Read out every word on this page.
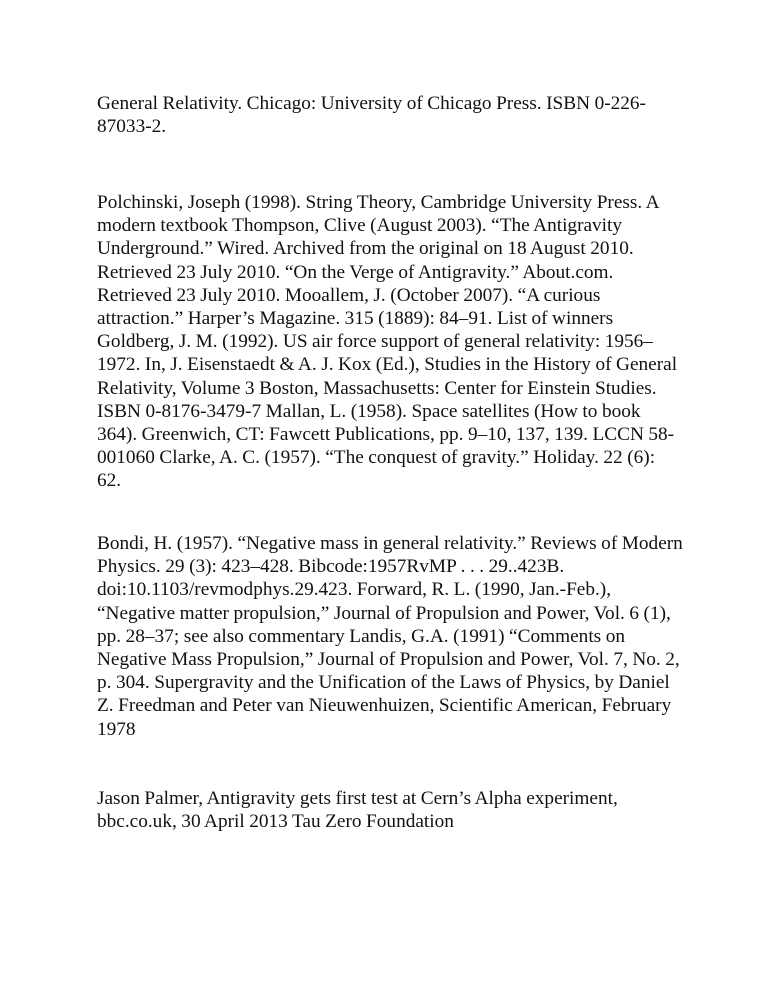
General Relativity. Chicago: University of Chicago Press. ISBN 0-226-87033-2.

Polchinski, Joseph (1998). String Theory, Cambridge University Press. A modern textbook Thompson, Clive (August 2003). “The Antigravity Underground.” Wired. Archived from the original on 18 August 2010. Retrieved 23 July 2010. “On the Verge of Antigravity.” About.com. Retrieved 23 July 2010. Mooallem, J. (October 2007). “A curious attraction.” Harper’s Magazine. 315 (1889): 84–91. List of winners Goldberg, J. M. (1992). US air force support of general relativity: 1956–1972. In, J. Eisenstaedt & A. J. Kox (Ed.), Studies in the History of General Relativity, Volume 3 Boston, Massachusetts: Center for Einstein Studies. ISBN 0-8176-3479-7 Mallan, L. (1958). Space satellites (How to book 364). Greenwich, CT: Fawcett Publications, pp. 9–10, 137, 139. LCCN 58-001060 Clarke, A. C. (1957). “The conquest of gravity.” Holiday. 22 (6): 62.

Bondi, H. (1957). “Negative mass in general relativity.” Reviews of Modern Physics. 29 (3): 423–428. Bibcode:1957RvMP . . . 29..423B. doi:10.1103/revmodphys.29.423. Forward, R. L. (1990, Jan.-Feb.), “Negative matter propulsion,” Journal of Propulsion and Power, Vol. 6 (1), pp. 28–37; see also commentary Landis, G.A. (1991) “Comments on Negative Mass Propulsion,” Journal of Propulsion and Power, Vol. 7, No. 2, p. 304. Supergravity and the Unification of the Laws of Physics, by Daniel Z. Freedman and Peter van Nieuwenhuizen, Scientific American, February 1978

Jason Palmer, Antigravity gets first test at Cern’s Alpha experiment, bbc.co.uk, 30 April 2013 Tau Zero Foundation
